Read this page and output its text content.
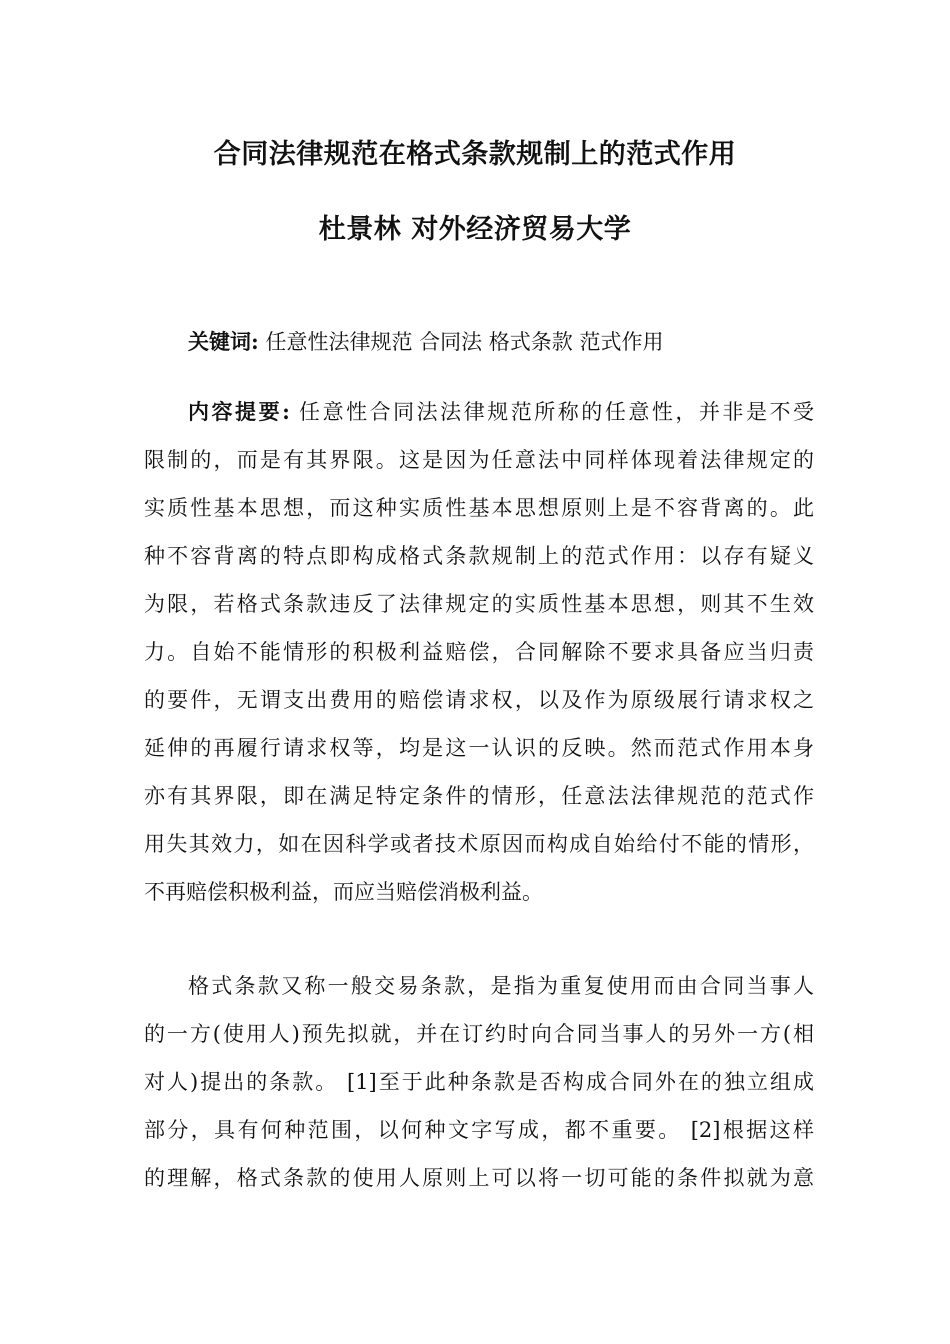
合同法律规范在格式条款规制上的范式作用
杜景林 对外经济贸易大学
关键词: 任意性法律规范 合同法 格式条款 范式作用
内容提要: 任意性合同法法律规范所称的任意性，并非是不受
限制的，而是有其界限。这是因为任意法中同样体现着法律规定的
实质性基本思想，而这种实质性基本思想原则上是不容背离的。此
种不容背离的特点即构成格式条款规制上的范式作用：以存有疑义
为限，若格式条款违反了法律规定的实质性基本思想，则其不生效
力。自始不能情形的积极利益赔偿，合同解除不要求具备应当归责
的要件，无谓支出费用的赔偿请求权，以及作为原级展行请求权之
延伸的再履行请求权等，均是这一认识的反映。然而范式作用本身
亦有其界限，即在满足特定条件的情形，任意法法律规范的范式作
用失其效力，如在因科学或者技术原因而构成自始给付不能的情形，
不再赔偿积极利益，而应当赔偿消极利益。
格式条款又称一般交易条款，是指为重复使用而由合同当事人
的一方(使用人)预先拟就，并在订约时向合同当事人的另外一方(相
对人)提出的条款。 [1]至于此种条款是否构成合同外在的独立组成
部分，具有何种范围，以何种文字写成，都不重要。 [2]根据这样
的理解，格式条款的使用人原则上可以将一切可能的条件拟就为意
